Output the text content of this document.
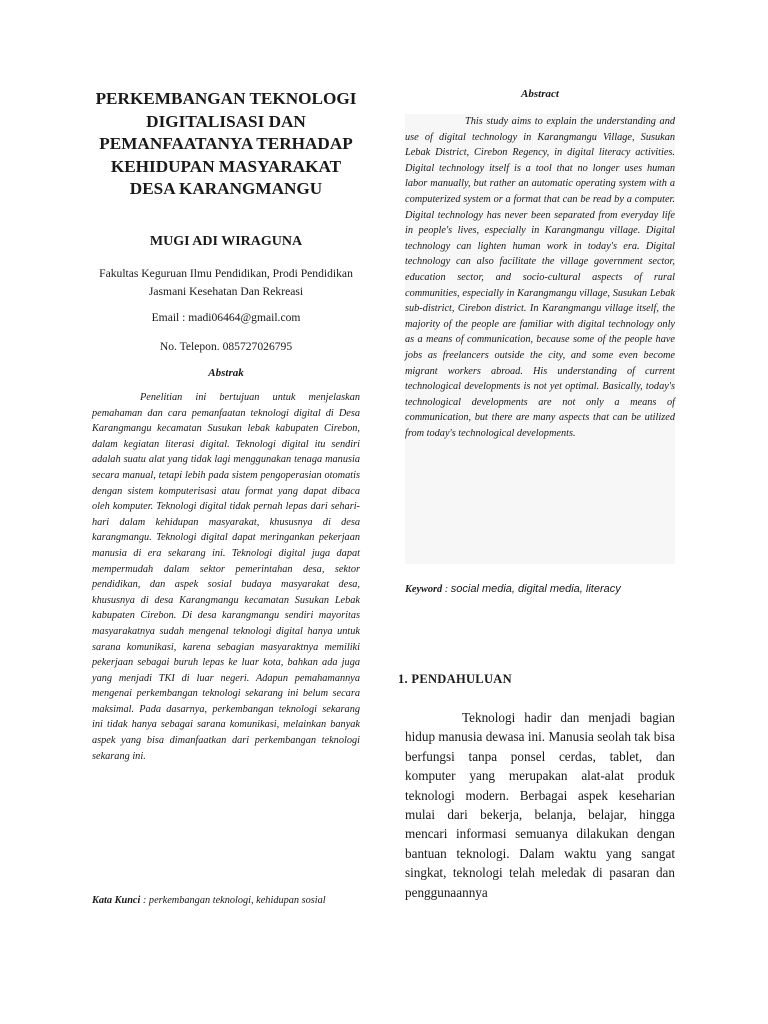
PERKEMBANGAN TEKNOLOGI DIGITALISASI DAN PEMANFAATANYA TERHADAP KEHIDUPAN MASYARAKAT DESA KARANGMANGU

MUGI ADI WIRAGUNA

Fakultas Keguruan Ilmu Pendidikan, Prodi Pendidikan Jasmani Kesehatan Dan Rekreasi

Email : madi06464@gmail.com

No. Telepon. 085727026795

Abstrak

Penelitian ini bertujuan untuk menjelaskan pemahaman dan cara pemanfaatan teknologi digital di Desa Karangmangu kecamatan Susukan lebak kabupaten Cirebon, dalam kegiatan literasi digital. Teknologi digital itu sendiri adalah suatu alat yang tidak lagi menggunakan tenaga manusia secara manual, tetapi lebih pada sistem pengoperasian otomatis dengan sistem komputerisasi atau format yang dapat dibaca oleh komputer. Teknologi digital tidak pernah lepas dari sehari-hari dalam kehidupan masyarakat, khususnya di desa karangmangu. Teknologi digital dapat meringankan pekerjaan manusia di era sekarang ini. Teknologi digital juga dapat mempermudah dalam sektor pemerintahan desa, sektor pendidikan, dan aspek sosial budaya masyarakat desa, khususnya di desa Karangmangu kecamatan Susukan Lebak kabupaten Cirebon. Di desa karangmangu sendiri mayoritas masyarakatnya sudah mengenal teknologi digital hanya untuk sarana komunikasi, karena sebagian masyaraktnya memiliki pekerjaan sebagai buruh lepas ke luar kota, bahkan ada juga yang menjadi TKI di luar negeri. Adapun pemahamannya mengenai perkembangan teknologi sekarang ini belum secara maksimal. Pada dasarnya, perkembangan teknologi sekarang ini tidak hanya sebagai sarana komunikasi, melainkan banyak aspek yang bisa dimanfaatkan dari perkembangan teknologi sekarang ini.

Kata Kunci : perkembangan teknologi, kehidupan sosial

Abstract

This study aims to explain the understanding and use of digital technology in Karangmangu Village, Susukan Lebak District, Cirebon Regency, in digital literacy activities. Digital technology itself is a tool that no longer uses human labor manually, but rather an automatic operating system with a computerized system or a format that can be read by a computer. Digital technology has never been separated from everyday life in people's lives, especially in Karangmangu village. Digital technology can lighten human work in today's era. Digital technology can also facilitate the village government sector, education sector, and socio-cultural aspects of rural communities, especially in Karangmangu village, Susukan Lebak sub-district, Cirebon district. In Karangmangu village itself, the majority of the people are familiar with digital technology only as a means of communication, because some of the people have jobs as freelancers outside the city, and some even become migrant workers abroad. His understanding of current technological developments is not yet optimal. Basically, today's technological developments are not only a means of communication, but there are many aspects that can be utilized from today's technological developments.

Keyword : social media, digital media, literacy

1. PENDAHULUAN

Teknologi hadir dan menjadi bagian hidup manusia dewasa ini. Manusia seolah tak bisa berfungsi tanpa ponsel cerdas, tablet, dan komputer yang merupakan alat-alat produk teknologi modern. Berbagai aspek keseharian mulai dari bekerja, belanja, belajar, hingga mencari informasi semuanya dilakukan dengan bantuan teknologi. Dalam waktu yang sangat singkat, teknologi telah meledak di pasaran dan penggunaannya
